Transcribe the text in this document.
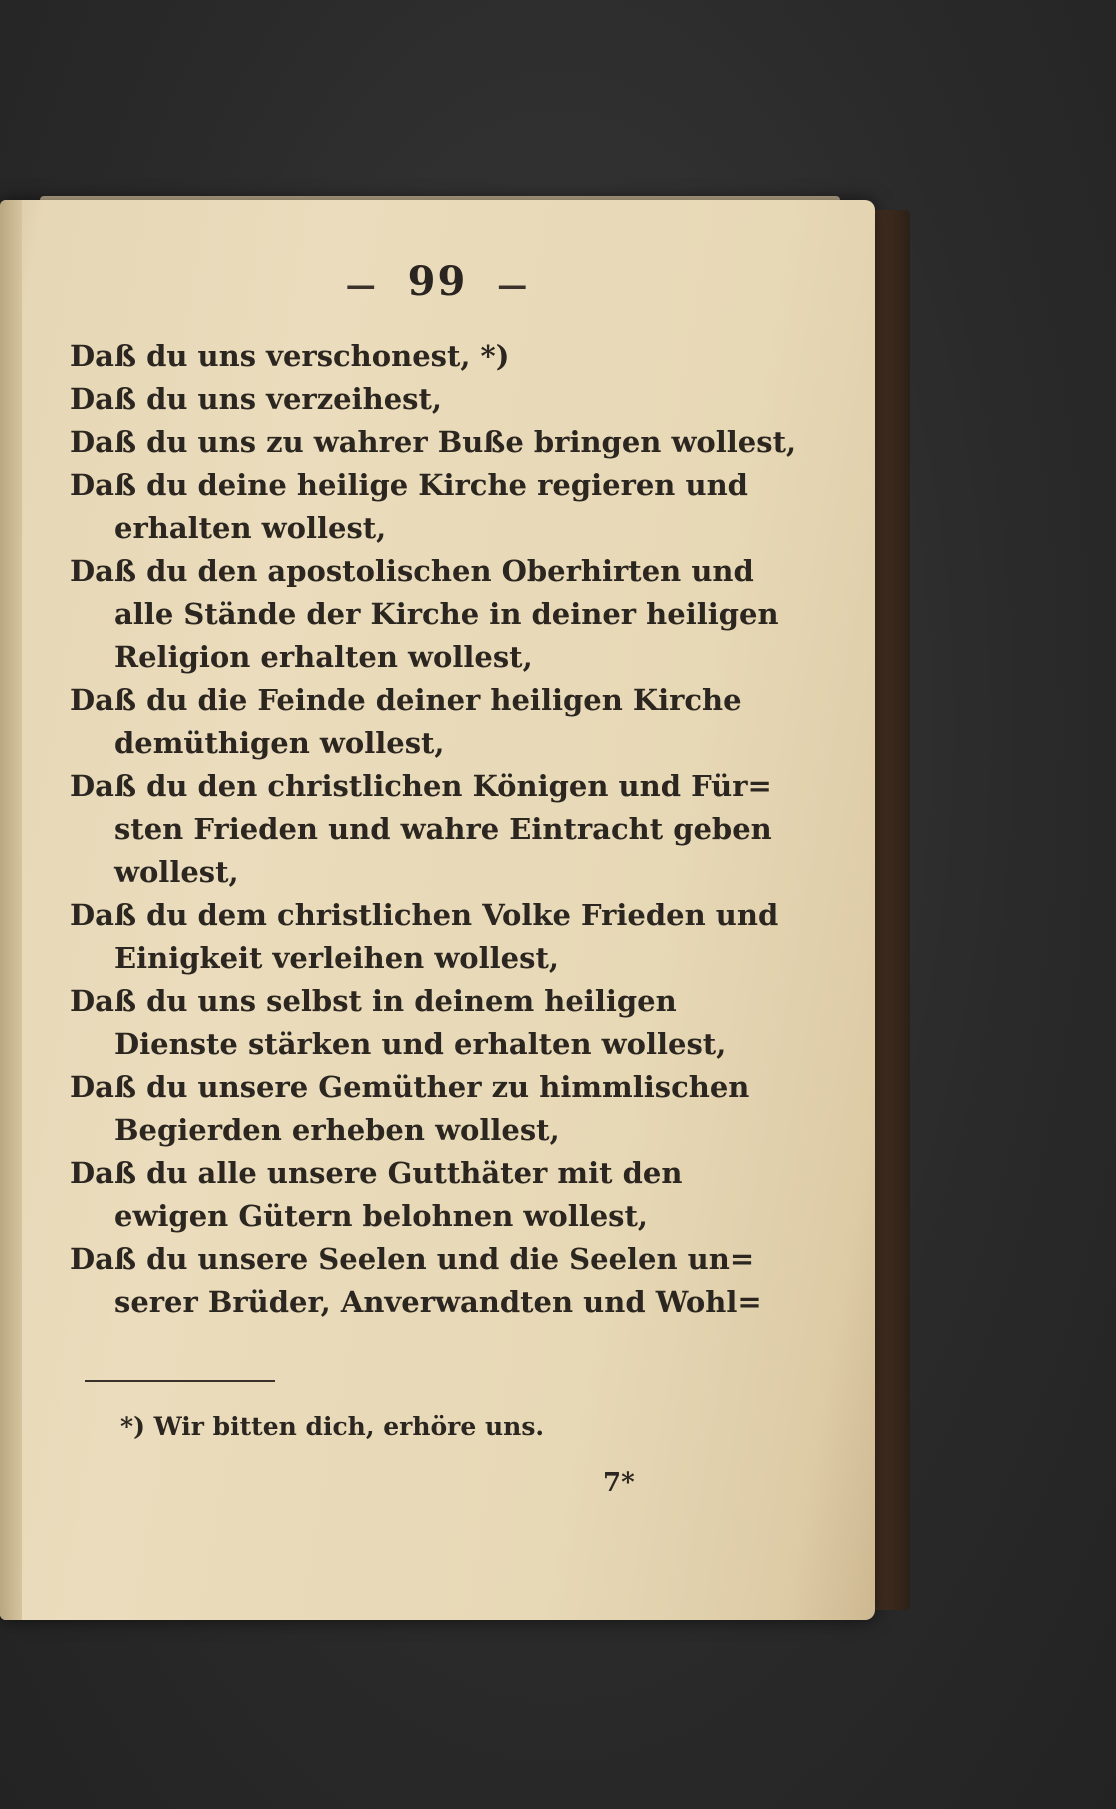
— 99 —
Daß du uns verschonest, *)
Daß du uns verzeihest,
Daß du uns zu wahrer Buße bringen wollest,
Daß du deine heilige Kirche regieren und
erhalten wollest,
Daß du den apostolischen Oberhirten und
alle Stände der Kirche in deiner heiligen
Religion erhalten wollest,
Daß du die Feinde deiner heiligen Kirche
demüthigen wollest,
Daß du den christlichen Königen und Für=
sten Frieden und wahre Eintracht geben
wollest,
Daß du dem christlichen Volke Frieden und
Einigkeit verleihen wollest,
Daß du uns selbst in deinem heiligen
Dienste stärken und erhalten wollest,
Daß du unsere Gemüther zu himmlischen
Begierden erheben wollest,
Daß du alle unsere Gutthäter mit den
ewigen Gütern belohnen wollest,
Daß du unsere Seelen und die Seelen un=
serer Brüder, Anverwandten und Wohl=
*) Wir bitten dich, erhöre uns.
7*
